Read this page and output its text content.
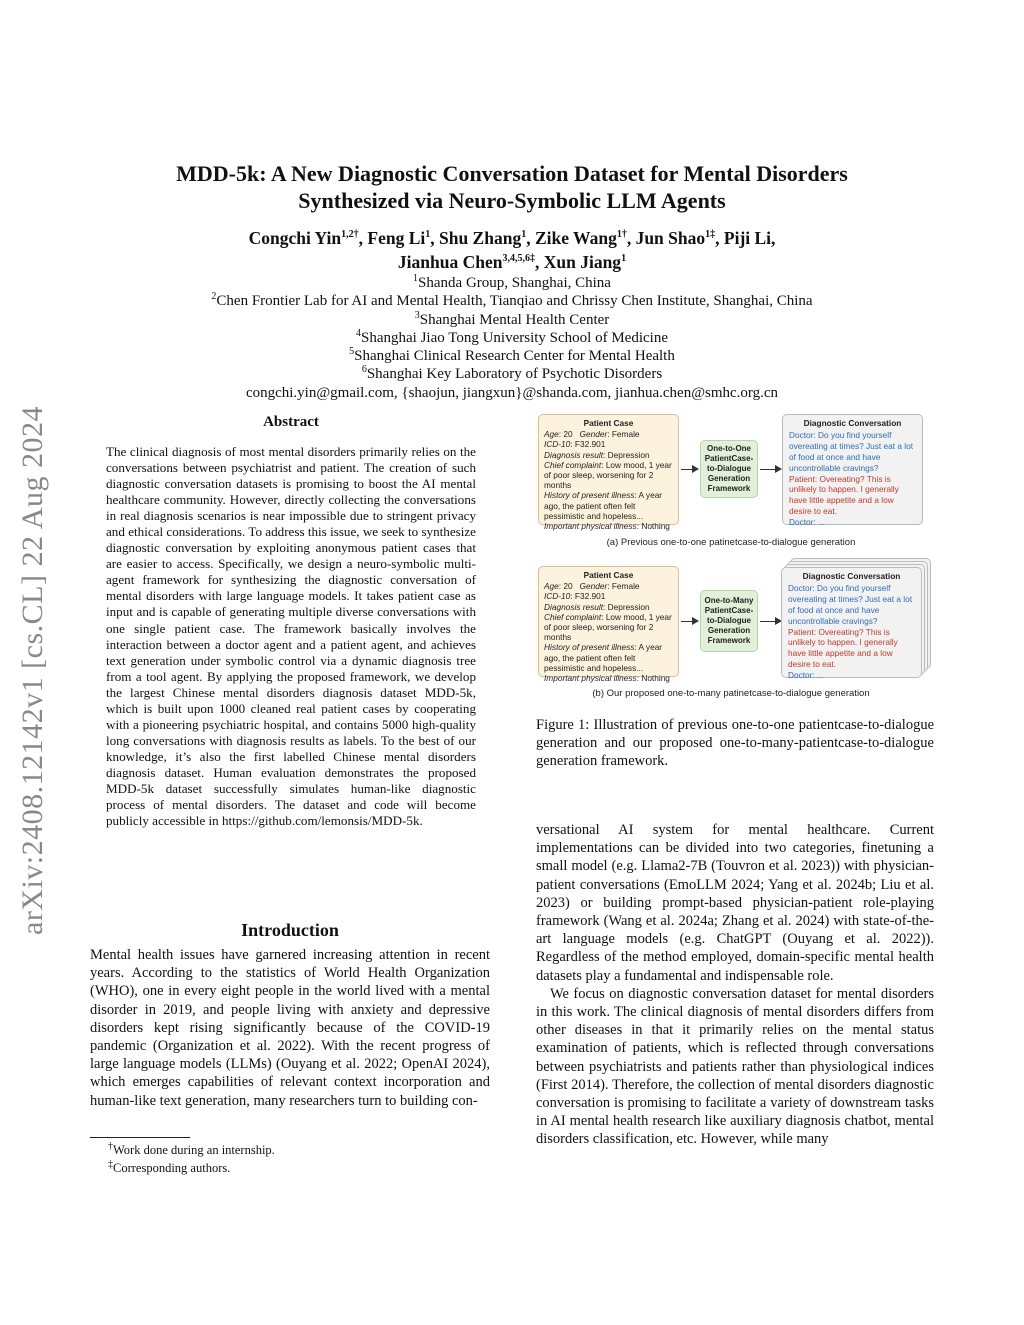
arXiv:2408.12142v1 [cs.CL] 22 Aug 2024
MDD-5k: A New Diagnostic Conversation Dataset for Mental Disorders
Synthesized via Neuro-Symbolic LLM Agents
Congchi Yin$^{1,2\dagger}$, Feng Li$^1$, Shu Zhang$^1$, Zike Wang$^{1\dagger}$, Jun Shao$^{1\ddagger}$, Piji Li,
Jianhua Chen$^{3,4,5,6\ddagger}$, Xun Jiang$^1$
$^1$Shanda Group, Shanghai, China
$^2$Chen Frontier Lab for AI and Mental Health, Tianqiao and Chrissy Chen Institute, Shanghai, China
$^3$Shanghai Mental Health Center
$^4$Shanghai Jiao Tong University School of Medicine
$^5$Shanghai Clinical Research Center for Mental Health
$^6$Shanghai Key Laboratory of Psychotic Disorders
congchi.yin@gmail.com, {shaojun, jiangxun}@shanda.com, jianhua.chen@smhc.org.cn
Abstract
The clinical diagnosis of most mental disorders primarily relies on the conversations between psychiatrist and patient. The creation of such diagnostic conversation datasets is promising to boost the AI mental healthcare community. However, directly collecting the conversations in real diagnosis scenarios is near impossible due to stringent privacy and ethical considerations. To address this issue, we seek to synthesize diagnostic conversation by exploiting anonymous patient cases that are easier to access. Specifically, we design a neuro-symbolic multi-agent framework for synthesizing the diagnostic conversation of mental disorders with large language models. It takes patient case as input and is capable of generating multiple diverse conversations with one single patient case. The framework basically involves the interaction between a doctor agent and a patient agent, and achieves text generation under symbolic control via a dynamic diagnosis tree from a tool agent. By applying the proposed framework, we develop the largest Chinese mental disorders diagnosis dataset MDD-5k, which is built upon 1000 cleaned real patient cases by cooperating with a pioneering psychiatric hospital, and contains 5000 high-quality long conversations with diagnosis results as labels. To the best of our knowledge, it’s also the first labelled Chinese mental disorders diagnosis dataset. Human evaluation demonstrates the proposed MDD-5k dataset successfully simulates human-like diagnostic process of mental disorders. The dataset and code will become publicly accessible in https://github.com/lemonsis/MDD-5k.
Introduction
Mental health issues have garnered increasing attention in recent years. According to the statistics of World Health Organization (WHO), one in every eight people in the world lived with a mental disorder in 2019, and people living with anxiety and depressive disorders kept rising significantly because of the COVID-19 pandemic (Organization et al. 2022). With the recent progress of large language models (LLMs) (Ouyang et al. 2022; OpenAI 2024), which emerges capabilities of relevant context incorporation and human-like text generation, many researchers turn to building con-
†Work done during an internship.
‡Corresponding authors.
Patient Case
Age: 20 Gender: Female
ICD-10: F32.901
Diagnosis result: Depression
Chief complaint: Low mood, 1 year of poor sleep, worsening for 2 months
History of present illness: A year ago, the patient often felt pessimistic and hopeless...
Important physical illness: Nothing
One-to-One PatientCase-to-Dialogue Generation Framework
Diagnostic Conversation
Doctor: Do you find yourself overeating at times? Just eat a lot of food at once and have uncontrollable cravings?
Patient: Overeating? This is unlikely to happen. I generally have little appetite and a low desire to eat.
Doctor: ...
(a) Previous one-to-one patinetcase-to-dialogue generation
Patient Case
Age: 20 Gender: Female
ICD-10: F32.901
Diagnosis result: Depression
Chief complaint: Low mood, 1 year of poor sleep, worsening for 2 months
History of present illness: A year ago, the patient often felt pessimistic and hopeless...
Important physical illness: Nothing
One-to-Many PatientCase-to-Dialogue Generation Framework
Diagnostic Conversation
Doctor: Do you find yourself overeating at times? Just eat a lot of food at once and have uncontrollable cravings?
Patient: Overeating? This is unlikely to happen. I generally have little appetite and a low desire to eat.
Doctor: ...
(b) Our proposed one-to-many patinetcase-to-dialogue generation
Figure 1: Illustration of previous one-to-one patientcase-to-dialogue generation and our proposed one-to-many-patientcase-to-dialogue generation framework.

versational AI system for mental healthcare. Current implementations can be divided into two categories, finetuning a small model (e.g. Llama2-7B (Touvron et al. 2023)) with physician-patient conversations (EmoLLM 2024; Yang et al. 2024b; Liu et al. 2023) or building prompt-based physician-patient role-playing framework (Wang et al. 2024a; Zhang et al. 2024) with state-of-the-art language models (e.g. ChatGPT (Ouyang et al. 2022)). Regardless of the method employed, domain-specific mental health datasets play a fundamental and indispensable role.

We focus on diagnostic conversation dataset for mental disorders in this work. The clinical diagnosis of mental disorders differs from other diseases in that it primarily relies on the mental status examination of patients, which is reflected through conversations between psychiatrists and patients rather than physiological indices (First 2014). Therefore, the collection of mental disorders diagnostic conversation is promising to facilitate a variety of downstream tasks in AI mental health research like auxiliary diagnosis chatbot, mental disorders classification, etc. However, while many
